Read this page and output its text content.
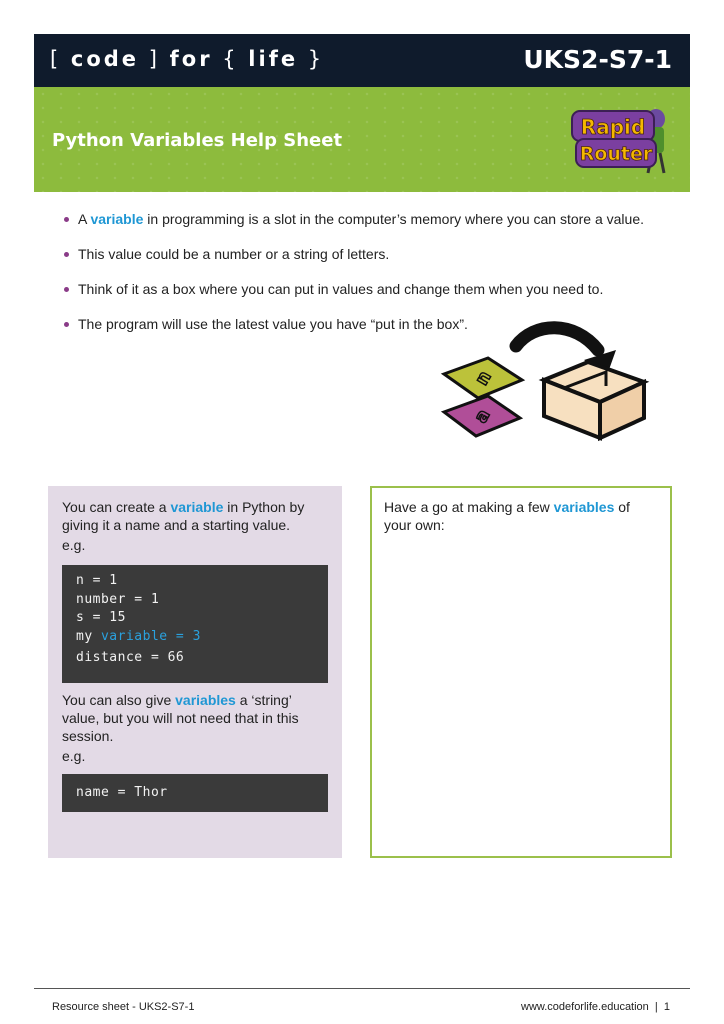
[ code ] for { life }	UKS2-S7-1
Python Variables Help Sheet
Rapid
Router
A variable in programming is a slot in the computer’s memory where you can store a value.
This value could be a number or a string of letters.
Think of it as a box where you can put in values and change them when you need to.
The program will use the latest value you have “put in the box”.
a
n
You can create a variable in Python by
giving it a name and a starting value.
e.g.
n = 1
number = 1
s = 15
my variable = 3
distance = 66
You can also give variables a ‘string’
value, but you will not need that in this
session.
e.g.
name = Thor
Have a go at making a few variables of
your own:
Resource sheet - UKS2-S7-1	www.codeforlife.education  |  1
